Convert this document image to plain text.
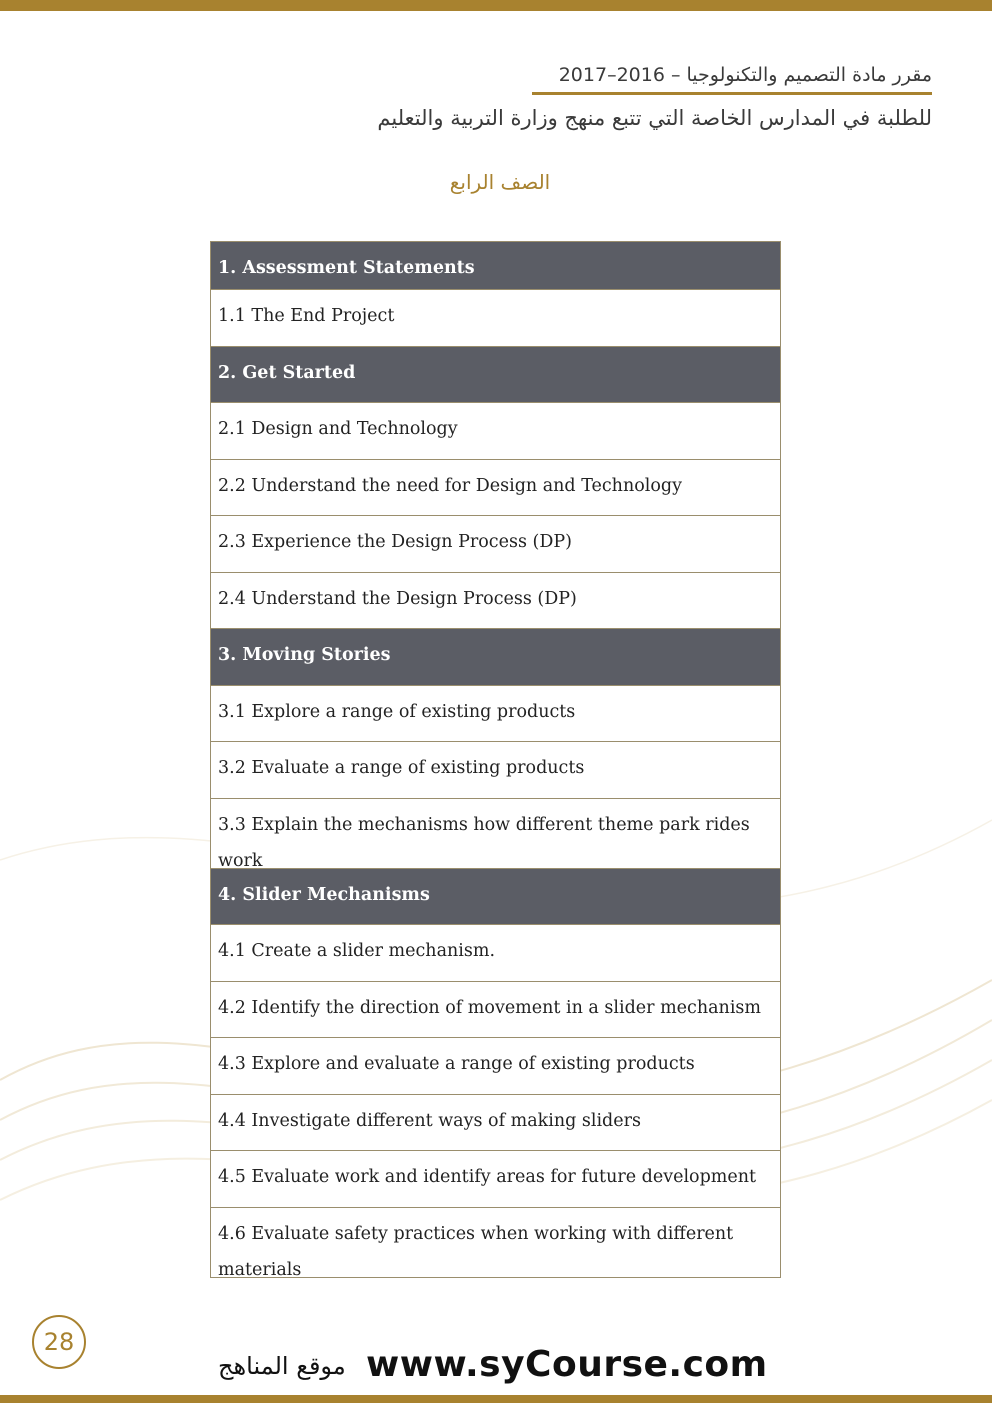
مقرر مادة التصميم والتكنولوجيا – 2016–2017
للطلبة في المدارس الخاصة التي تتبع منهج وزارة التربية والتعليم
الصف الرابع
1. Assessment Statements
1.1 The End Project
2. Get Started
2.1 Design and Technology
2.2 Understand the need for Design and Technology
2.3 Experience the Design Process (DP)
2.4 Understand the Design Process (DP)
3. Moving Stories
3.1 Explore a range of existing products
3.2 Evaluate a range of existing products
3.3 Explain the mechanisms how different theme park rides work
4. Slider Mechanisms
4.1 Create a slider mechanism.
4.2 Identify the direction of movement in a slider mechanism
4.3 Explore and evaluate a range of existing products
4.4 Investigate different ways of making sliders
4.5 Evaluate work and identify areas for future development
4.6 Evaluate safety practices when working with different materials
28
موقع المناهج www.syCourse.com
